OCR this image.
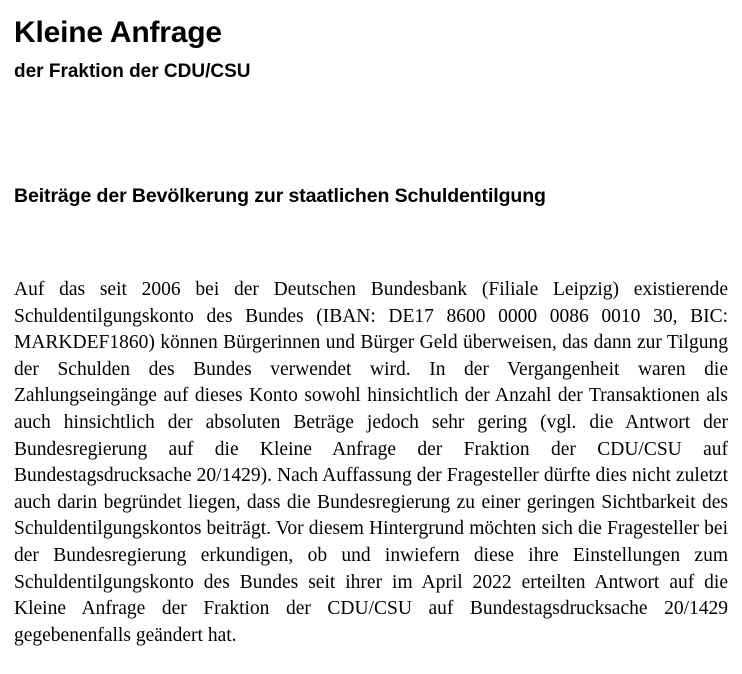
Kleine Anfrage
der Fraktion der CDU/CSU
Beiträge der Bevölkerung zur staatlichen Schuldentilgung

Auf das seit 2006 bei der Deutschen Bundesbank (Filiale Leipzig) existierende Schuldentilgungskonto des Bundes (IBAN: DE17 8600 0000 0086 0010 30, BIC: MARKDEF1860) können Bürgerinnen und Bürger Geld überweisen, das dann zur Tilgung der Schulden des Bundes verwendet wird. In der Vergangenheit waren die Zahlungseingänge auf dieses Konto sowohl hinsichtlich der Anzahl der Transaktionen als auch hinsichtlich der absoluten Beträge jedoch sehr gering (vgl. die Antwort der Bundesregierung auf die Kleine Anfrage der Fraktion der CDU/CSU auf Bundestagsdrucksache 20/1429). Nach Auffassung der Fragesteller dürfte dies nicht zuletzt auch darin begründet liegen, dass die Bundesregierung zu einer geringen Sichtbarkeit des Schuldentilgungskontos beiträgt. Vor diesem Hintergrund möchten sich die Fragesteller bei der Bundesregierung erkundigen, ob und inwiefern diese ihre Einstellungen zum Schuldentilgungskonto des Bundes seit ihrer im April 2022 erteilten Antwort auf die Kleine Anfrage der Fraktion der CDU/CSU auf Bundestagsdrucksache 20/1429 gegebenenfalls geändert hat.
